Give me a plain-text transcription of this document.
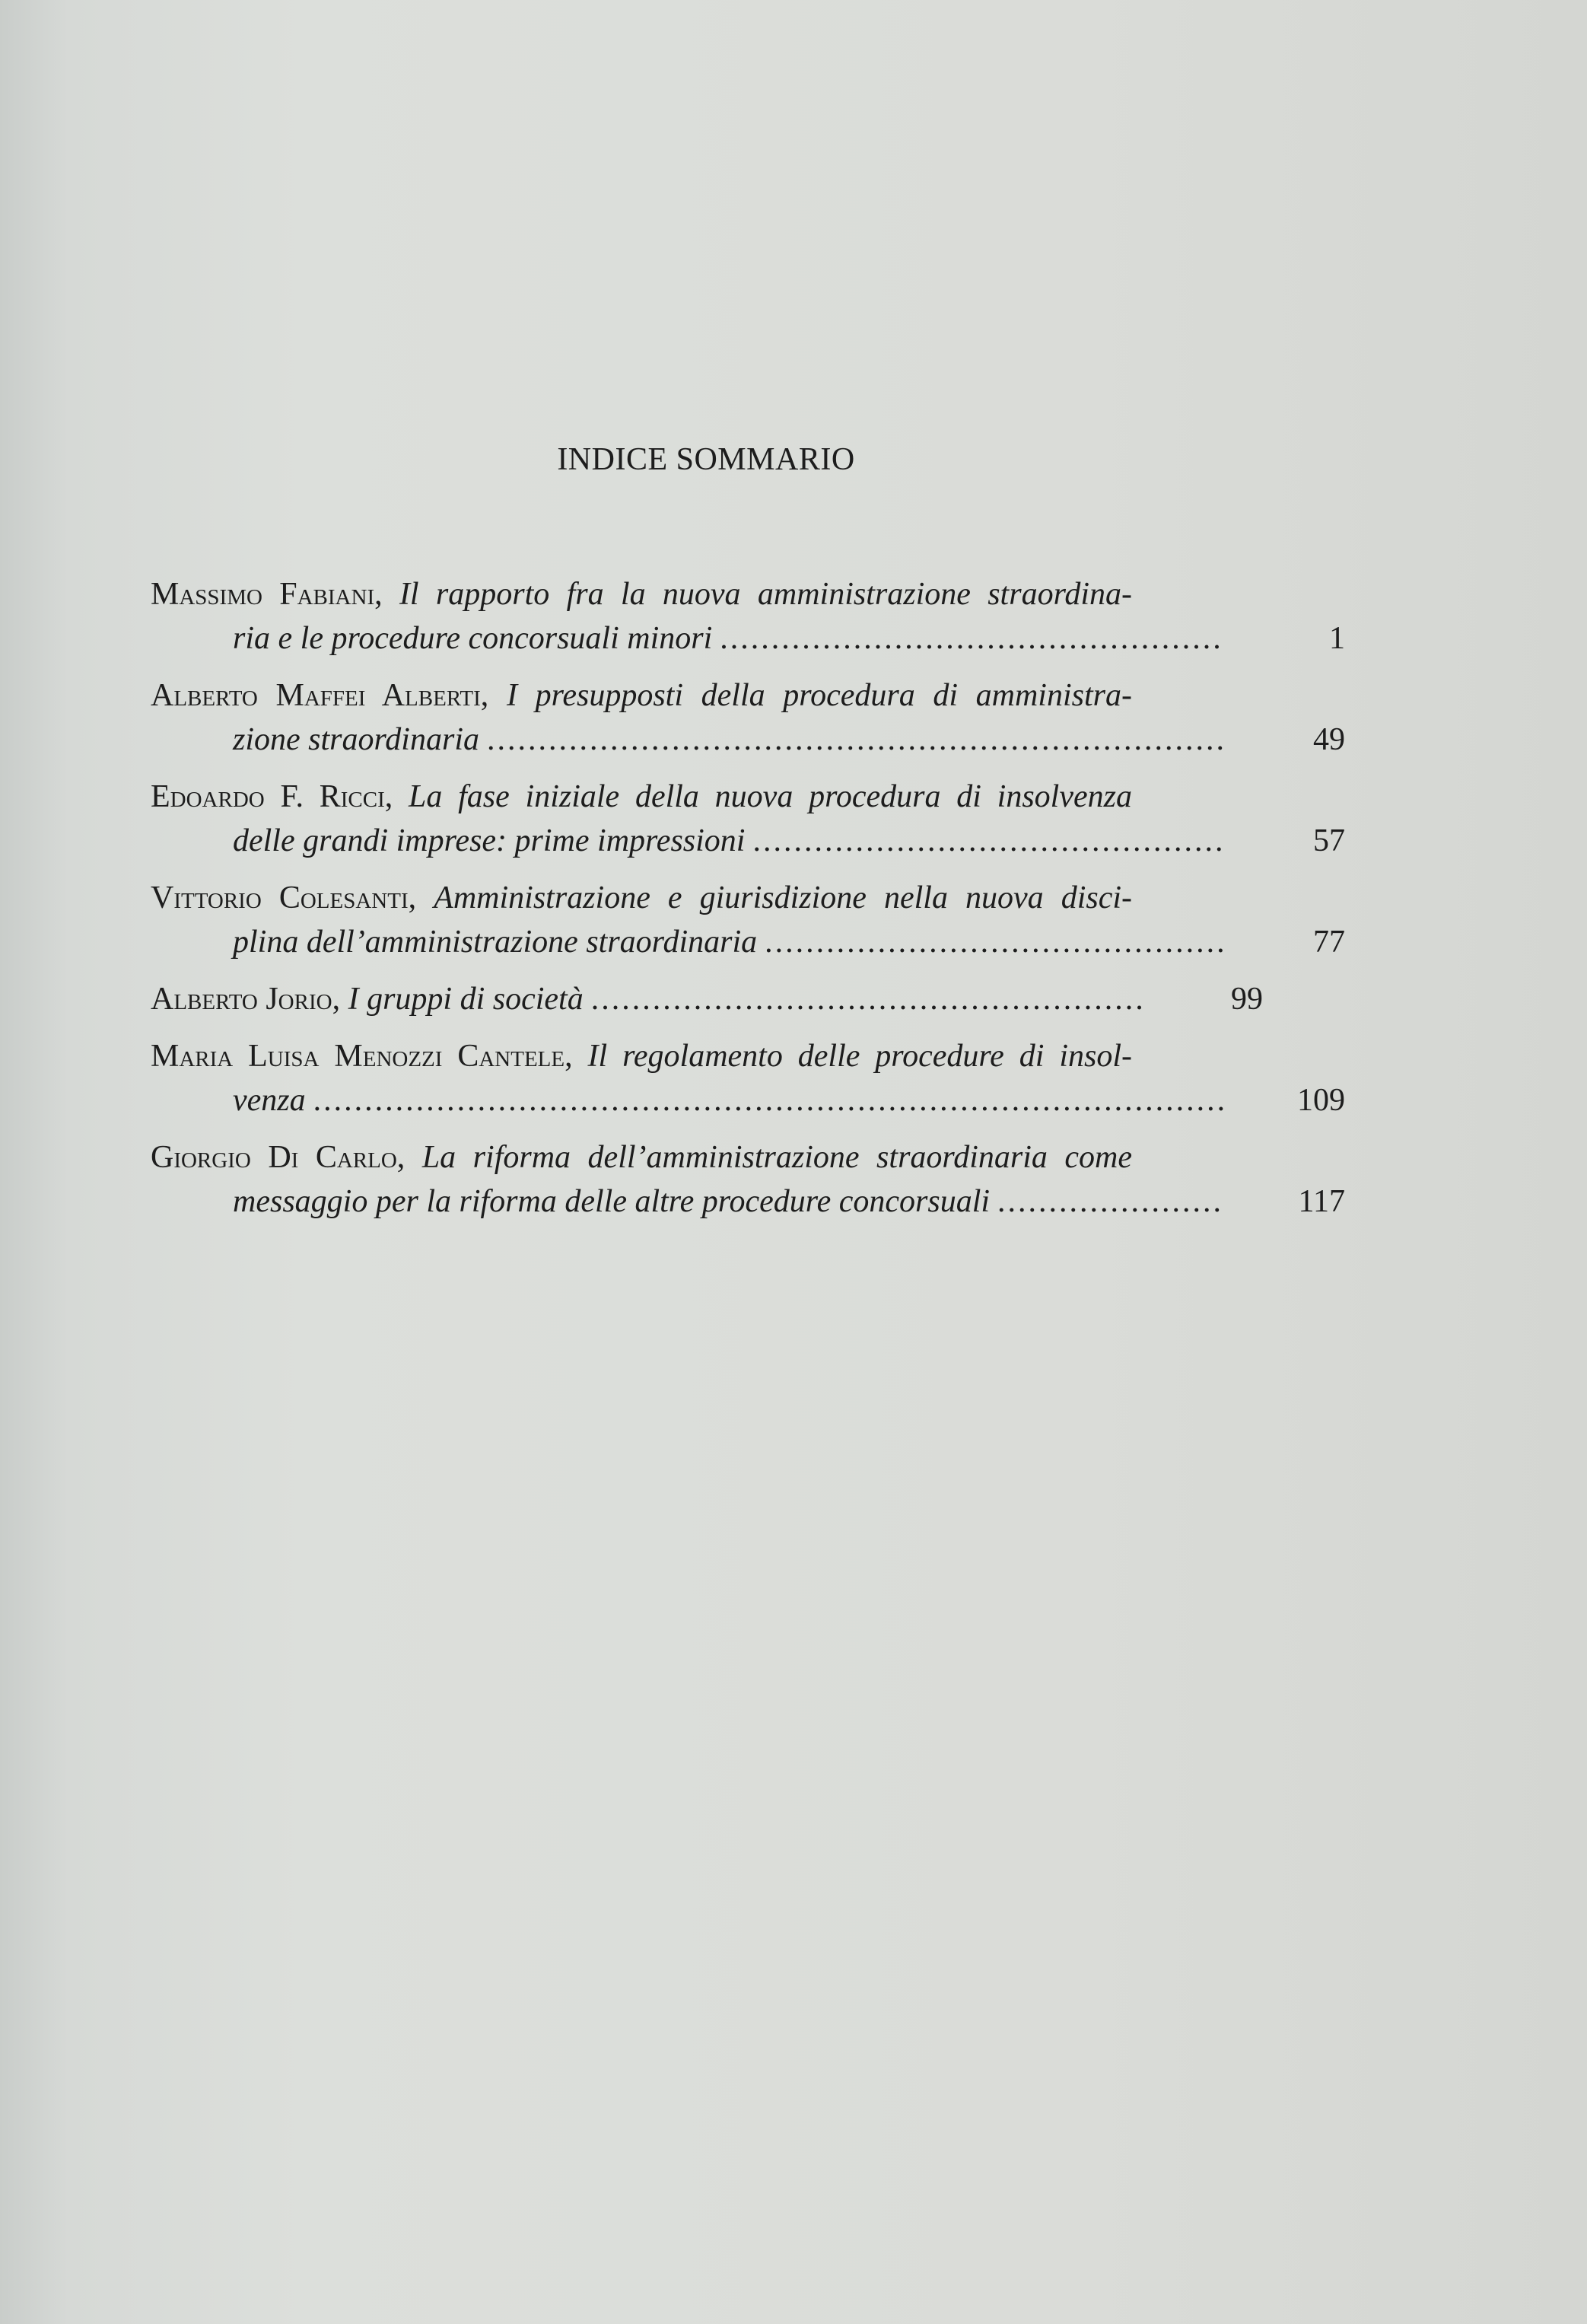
INDICE SOMMARIO
Massimo Fabiani, Il rapporto fra la nuova amministrazione straordina-
ria e le procedure concorsuali minori .....	1
Alberto Maffei Alberti, I presupposti della procedura di amministra-
zione straordinaria .....	49
Edoardo F. Ricci, La fase iniziale della nuova procedura di insolvenza
delle grandi imprese: prime impressioni .....	57
Vittorio Colesanti, Amministrazione e giurisdizione nella nuova disci-
plina dell’amministrazione straordinaria .....	77
Alberto Jorio, I gruppi di società .....	99
Maria Luisa Menozzi Cantele, Il regolamento delle procedure di insol-
venza .....	109
Giorgio Di Carlo, La riforma dell’amministrazione straordinaria come
messaggio per la riforma delle altre procedure concorsuali .....	117
